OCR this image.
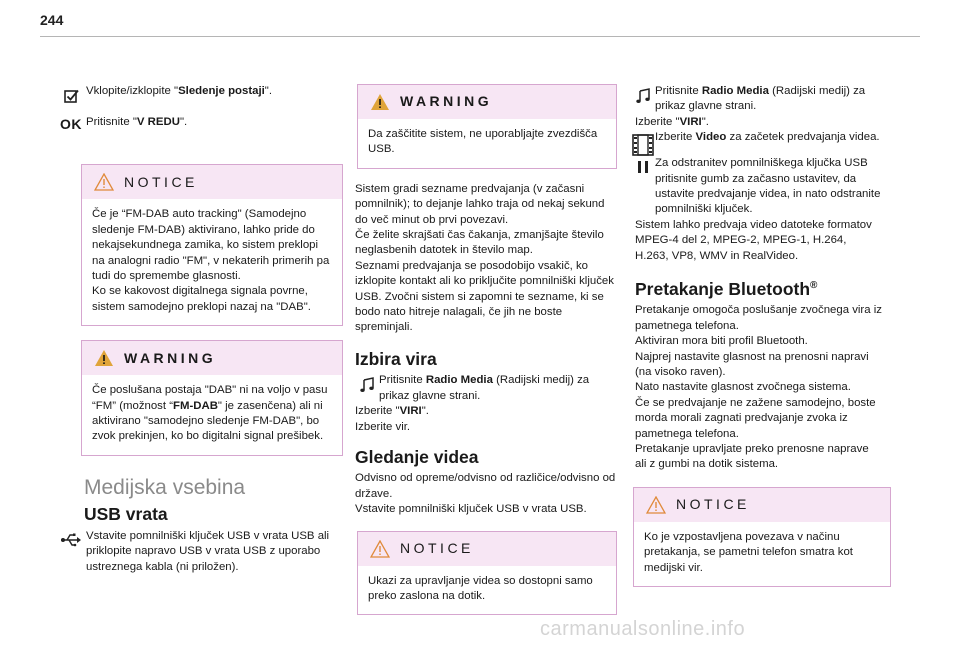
244

Vklopite/izklopite "Sledenje postaji".

OK Pritisnite "V REDU".

NOTICE

Če je “FM-DAB auto tracking" (Samodejno sledenje FM-DAB) aktivirano, lahko pride do nekajsekundnega zamika, ko sistem preklopi na analogni radio "FM", v nekaterih primerih pa tudi do spremembe glasnosti.

Ko se kakovost digitalnega signala povrne, sistem samodejno preklopi nazaj na "DAB".

WARNING

Če poslušana postaja "DAB" ni na voljo v pasu “FM” (možnost “FM-DAB" je zasenčena) ali ni aktivirano "samodejno sledenje FM-DAB", bo zvok prekinjen, ko bo digitalni signal prešibek.

Medijska vsebina
USB vrata

Vstavite pomnilniški ključek USB v vrata USB ali priklopite napravo USB v vrata USB z uporabo ustreznega kabla (ni priložen).

WARNING

Da zaščitite sistem, ne uporabljajte zvezdišča USB.

Sistem gradi sezname predvajanja (v začasni pomnilnik); to dejanje lahko traja od nekaj sekund do več minut ob prvi povezavi.

Če želite skrajšati čas čakanja, zmanjšajte število neglasbenih datotek in število map.

Seznami predvajanja se posodobijo vsakič, ko izklopite kontakt ali ko priključite pomnilniški ključek USB. Zvočni sistem si zapomni te sezname, ki se bodo nato hitreje nalagali, če jih ne boste spreminjali.

Izbira vira

Pritisnite Radio Media (Radijski medij) za prikaz glavne strani.

Izberite "VIRI".

Izberite vir.

Gledanje videa

Odvisno od opreme/odvisno od različice/odvisno od države.

Vstavite pomnilniški ključek USB v vrata USB.

NOTICE

Ukazi za upravljanje videa so dostopni samo preko zaslona na dotik.

Pritisnite Radio Media (Radijski medij) za prikaz glavne strani.

Izberite "VIRI".

Izberite Video za začetek predvajanja videa.

Za odstranitev pomnilniškega ključka USB pritisnite gumb za začasno ustavitev, da ustavite predvajanje videa, in nato odstranite pomnilniški ključek.

Sistem lahko predvaja video datoteke formatov MPEG-4 del 2, MPEG-2, MPEG-1, H.264, H.263, VP8, WMV in RealVideo.

Pretakanje Bluetooth®

Pretakanje omogoča poslušanje zvočnega vira iz pametnega telefona.

Aktiviran mora biti profil Bluetooth.

Najprej nastavite glasnost na prenosni napravi (na visoko raven).

Nato nastavite glasnost zvočnega sistema.

Če se predvajanje ne zažene samodejno, boste morda morali zagnati predvajanje zvoka iz pametnega telefona.

Pretakanje upravljate preko prenosne naprave ali z gumbi na dotik sistema.

NOTICE

Ko je vzpostavljena povezava v načinu pretakanja, se pametni telefon smatra kot medijski vir.

carmanualsonline.info
